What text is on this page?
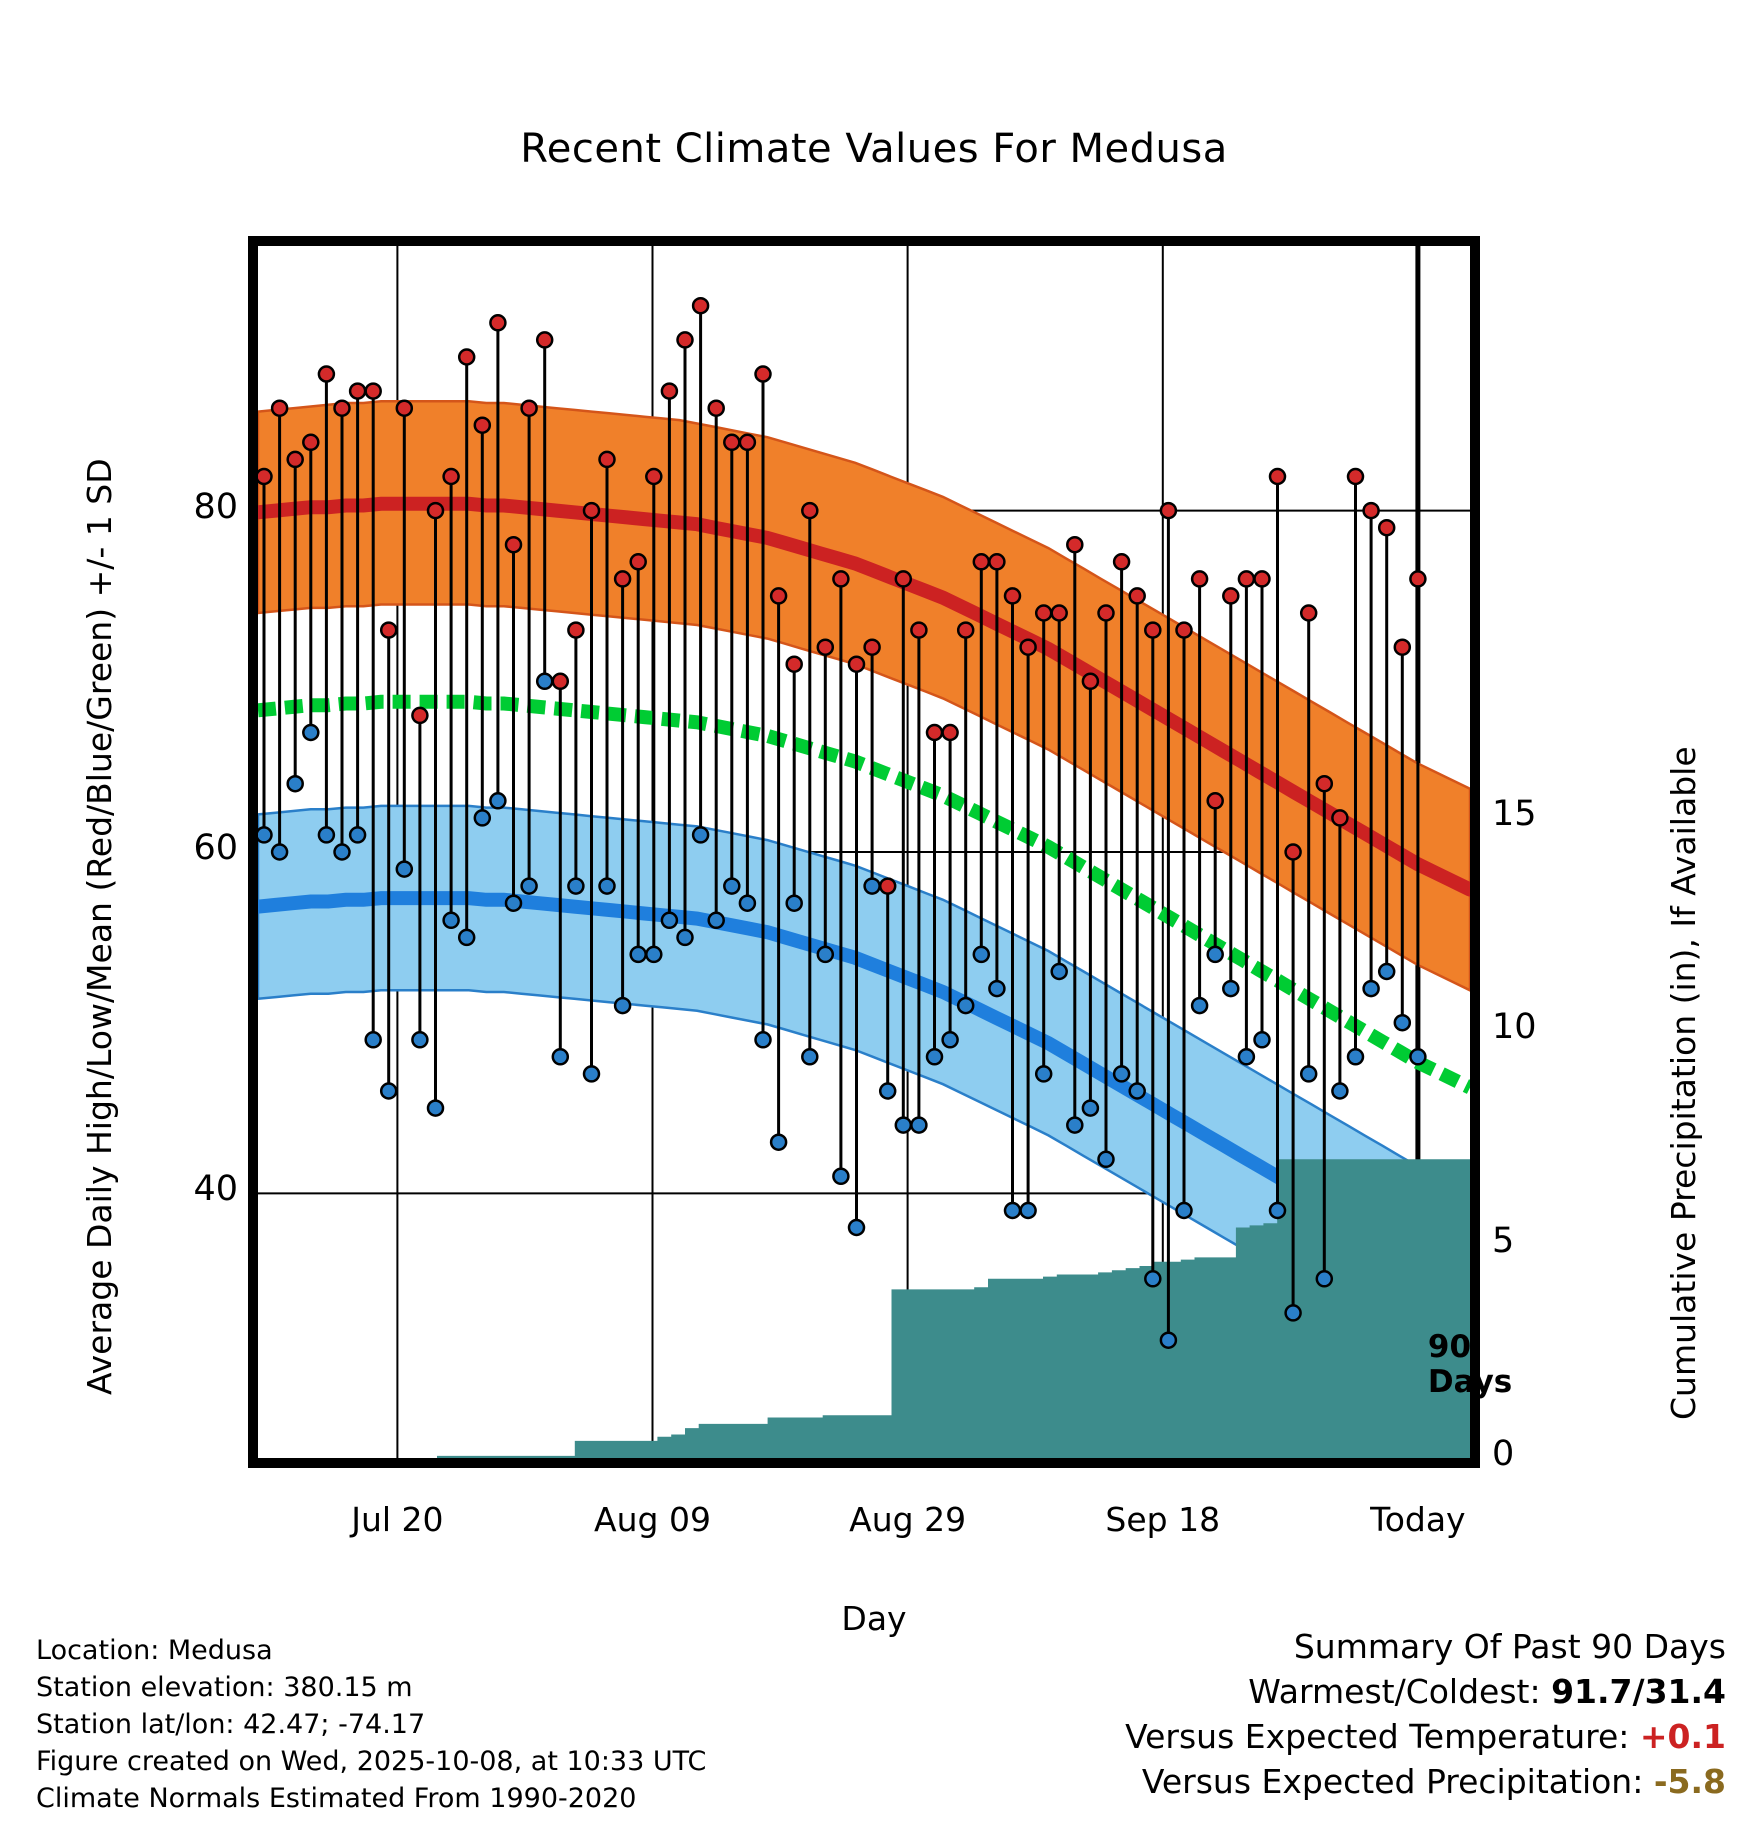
Recent Climate Values For Medusa
Average Daily High/Low/Mean (Red/Blue/Green) +/- 1 SD	Cumulative Precipitation (in), If Available
80
60
40
15
10
5
0
Jul 20	Aug 09	Aug 29	Sep 18	Today
Day
Location: Medusa
Station elevation: 380.15 m
Station lat/lon: 42.47; -74.17
Figure created on Wed, 2025-10-08, at 10:33 UTC
Climate Normals Estimated From 1990-2020
Summary Of Past 90 Days
Warmest/Coldest: 91.7/31.4
Versus Expected Temperature: +0.1
Versus Expected Precipitation: -5.8
90
Days
